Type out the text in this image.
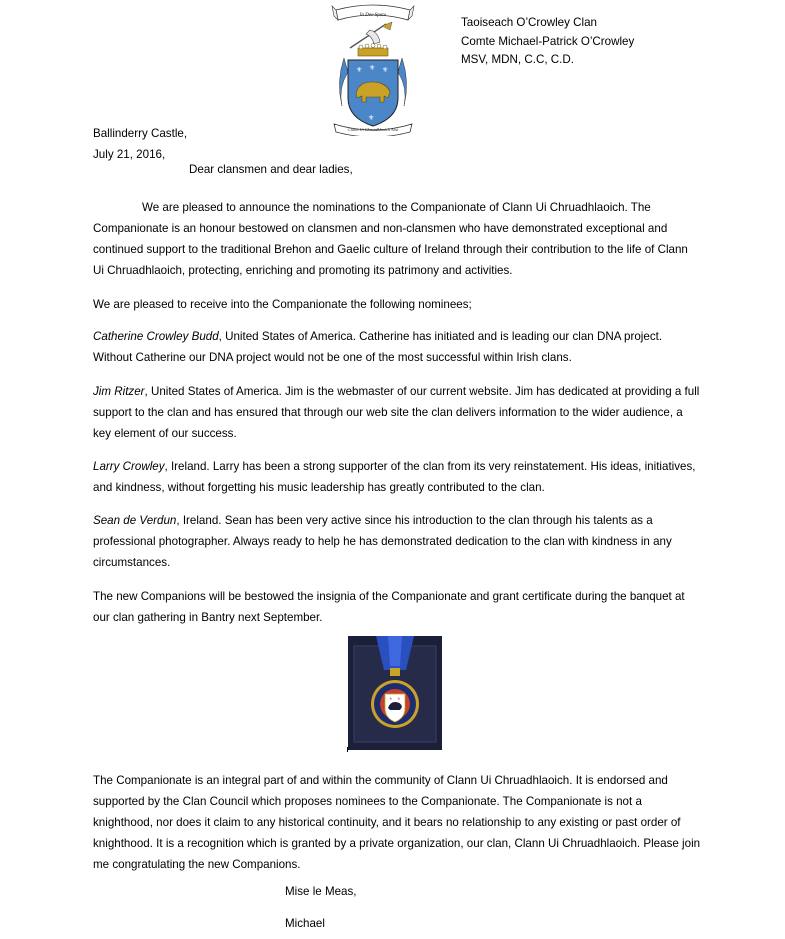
Taoiseach O’Crowley Clan
Comte Michael-Patrick O’Crowley
MSV, MDN, C.C, C.D.
In Deo Spero
⚜ ⚜ ⚜
⚜
Clann Ui Chruadhlaoich Abú
Ballinderry Castle,
July 21, 2016,
Dear clansmen and dear ladies,

We are pleased to announce the nominations to the Companionate of Clann Ui Chruadhlaoich. The Companionate is an honour bestowed on clansmen and non-clansmen who have demonstrated exceptional and continued support to the traditional Brehon and Gaelic culture of Ireland through their contribution to the life of Clann Ui Chruadhlaoich, protecting, enriching and promoting its patrimony and activities.

We are pleased to receive into the Companionate the following nominees;

Catherine Crowley Budd, United States of America. Catherine has initiated and is leading our clan DNA project. Without Catherine our DNA project would not be one of the most successful within Irish clans.

Jim Ritzer, United States of America. Jim is the webmaster of our current website. Jim has dedicated at providing a full support to the clan and has ensured that through our web site the clan delivers information to the wider audience, a key element of our success.

Larry Crowley, Ireland. Larry has been a strong supporter of the clan from its very reinstatement. His ideas, initiatives, and kindness, without forgetting his music leadership has greatly contributed to the clan.

Sean de Verdun, Ireland. Sean has been very active since his introduction to the clan through his talents as a professional photographer. Always ready to help he has demonstrated dedication to the clan with kindness in any circumstances.

The new Companions will be bestowed the insignia of the Companionate and grant certificate during the banquet at our clan gathering in Bantry next September.

⚜ ⚜

The Companionate is an integral part of and within the community of Clann Ui Chruadhlaoich. It is endorsed and supported by the Clan Council which proposes nominees to the Companionate. The Companionate is not a knighthood, nor does it claim to any historical continuity, and it bears no relationship to any existing or past order of knighthood. It is a recognition which is granted by a private organization, our clan, Clann Ui Chruadhlaoich. Please join me congratulating the new Companions.

Mise le Meas,
Michael
